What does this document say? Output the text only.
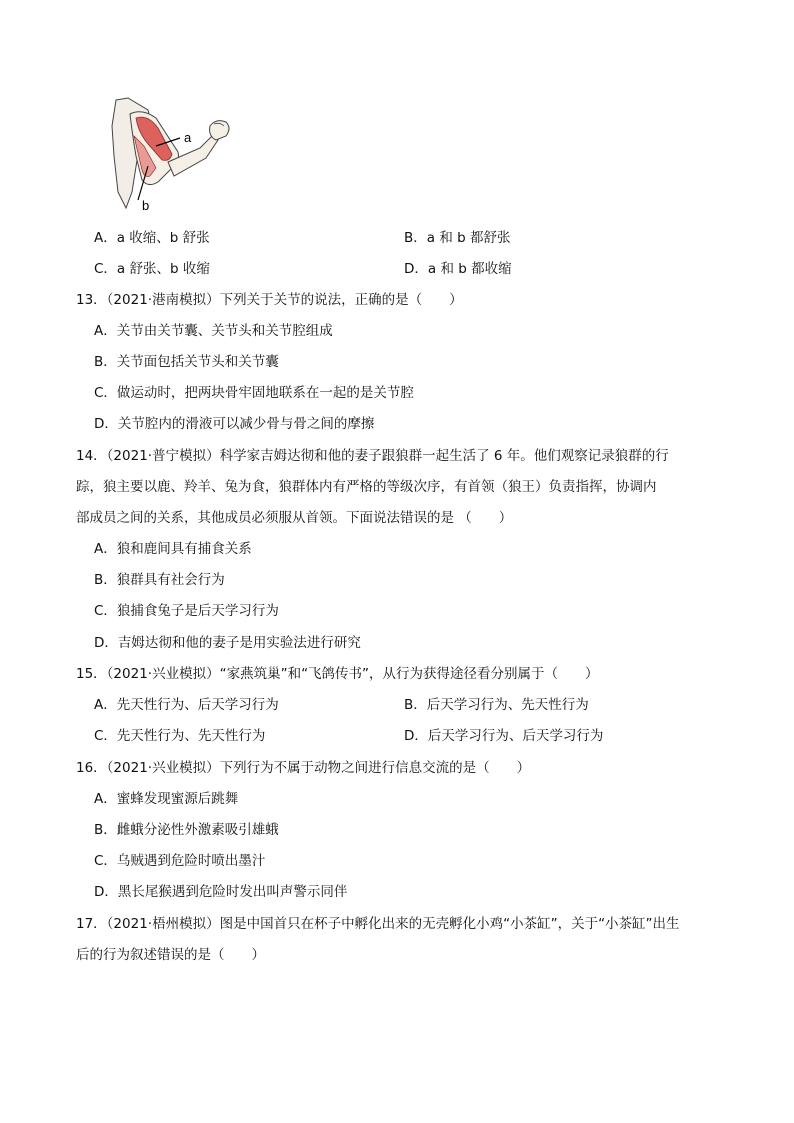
a
b
A．a 收缩、b 舒张	B．a 和 b 都舒张
C．a 舒张、b 收缩	D．a 和 b 都收缩
13．（2021·港南模拟）下列关于关节的说法，正确的是（　　）
A．关节由关节囊、关节头和关节腔组成
B．关节面包括关节头和关节囊
C．做运动时，把两块骨牢固地联系在一起的是关节腔
D．关节腔内的滑液可以减少骨与骨之间的摩擦
14．（2021·普宁模拟）科学家吉姆达彻和他的妻子跟狼群一起生活了 6 年。他们观察记录狼群的行
踪，狼主要以鹿、羚羊、兔为食，狼群体内有严格的等级次序，有首领（狼王）负责指挥，协调内
部成员之间的关系，其他成员必须服从首领。下面说法错误的是 （　　）
A．狼和鹿间具有捕食关系
B．狼群具有社会行为
C．狼捕食兔子是后天学习行为
D．吉姆达彻和他的妻子是用实验法进行研究
15．（2021·兴业模拟）“家燕筑巢”和“飞鸽传书”，从行为获得途径看分别属于（　　）
A．先天性行为、后天学习行为	B．后天学习行为、先天性行为
C．先天性行为、先天性行为	D．后天学习行为、后天学习行为
16．（2021·兴业模拟）下列行为不属于动物之间进行信息交流的是（　　）
A．蜜蜂发现蜜源后跳舞
B．雌蛾分泌性外激素吸引雄蛾
C．乌贼遇到危险时喷出墨汁
D．黑长尾猴遇到危险时发出叫声警示同伴
17．（2021·梧州模拟）图是中国首只在杯子中孵化出来的无壳孵化小鸡“小茶缸”，关于“小茶缸”出生
后的行为叙述错误的是（　　）
